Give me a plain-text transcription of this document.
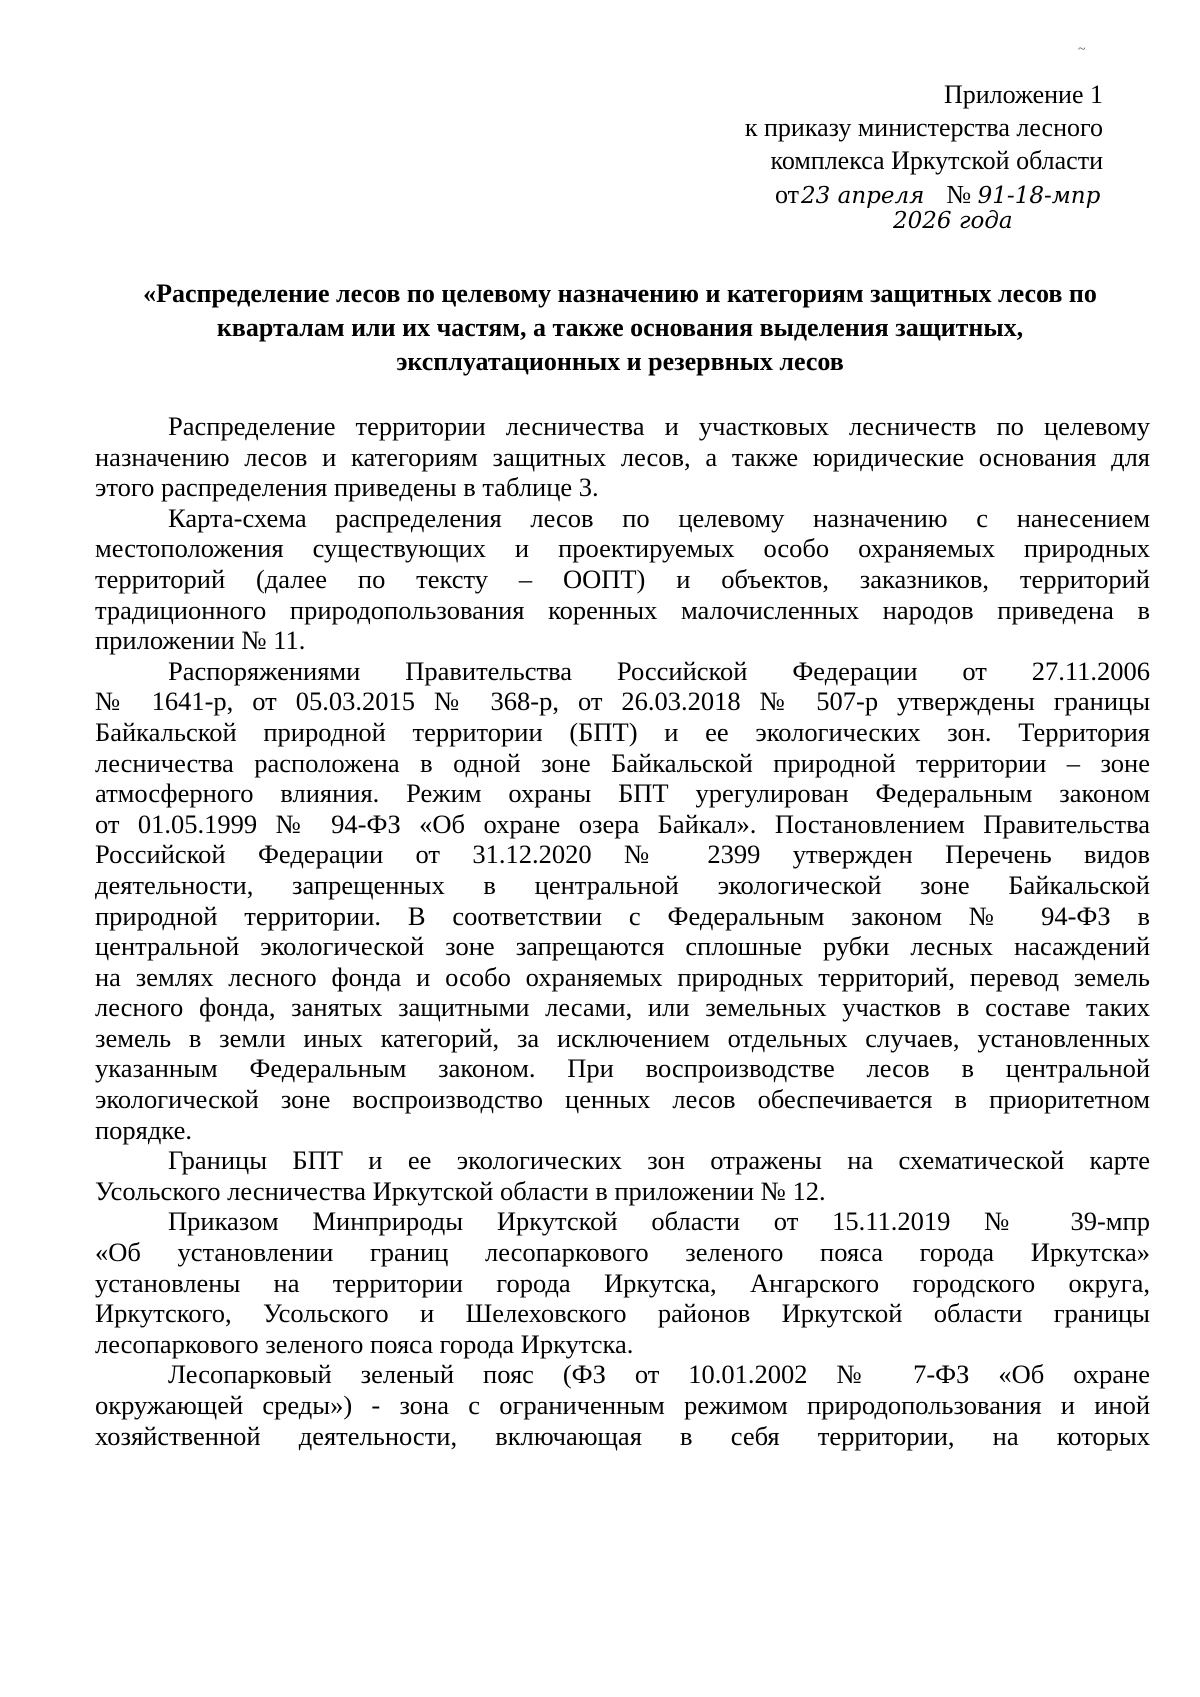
~
Приложение 1
к приказу министерства лесного
комплекса Иркутской области
от23 апреля № 91-18-мпр
2026 года
«Распределение лесов по целевому назначению и категориям защитных лесов по
кварталам или их частям, а также основания выделения защитных,
эксплуатационных и резервных лесов

Распределение территории лесничества и участковых лесничеств по целевому
назначению лесов и категориям защитных лесов, а также юридические основания для
этого распределения приведены в таблице 3.

Карта-схема распределения лесов по целевому назначению с нанесением
местоположения существующих и проектируемых особо охраняемых природных
территорий (далее по тексту – ООПТ) и объектов, заказников, территорий
традиционного природопользования коренных малочисленных народов приведена в
приложении № 11.

Распоряжениями Правительства Российской Федерации от 27.11.2006
№ 1641-р, от 05.03.2015 № 368-р, от 26.03.2018 № 507-р утверждены границы
Байкальской природной территории (БПТ) и ее экологических зон. Территория
лесничества расположена в одной зоне Байкальской природной территории – зоне
атмосферного влияния. Режим охраны БПТ урегулирован Федеральным законом
от 01.05.1999 № 94-ФЗ «Об охране озера Байкал». Постановлением Правительства
Российской Федерации от 31.12.2020 № 2399 утвержден Перечень видов
деятельности, запрещенных в центральной экологической зоне Байкальской
природной территории. В соответствии с Федеральным законом № 94-ФЗ в
центральной экологической зоне запрещаются сплошные рубки лесных насаждений
на землях лесного фонда и особо охраняемых природных территорий, перевод земель
лесного фонда, занятых защитными лесами, или земельных участков в составе таких
земель в земли иных категорий, за исключением отдельных случаев, установленных
указанным Федеральным законом. При воспроизводстве лесов в центральной
экологической зоне воспроизводство ценных лесов обеспечивается в приоритетном
порядке.

Границы БПТ и ее экологических зон отражены на схематической карте
Усольского лесничества Иркутской области в приложении № 12.

Приказом Минприроды Иркутской области от 15.11.2019 № 39-мпр
«Об установлении границ лесопаркового зеленого пояса города Иркутска»
установлены на территории города Иркутска, Ангарского городского округа,
Иркутского, Усольского и Шелеховского районов Иркутской области границы
лесопаркового зеленого пояса города Иркутска.

Лесопарковый зеленый пояс (ФЗ от 10.01.2002 № 7-ФЗ «Об охране
окружающей среды») - зона с ограниченным режимом природопользования и иной
хозяйственной деятельности, включающая в себя территории, на которых
